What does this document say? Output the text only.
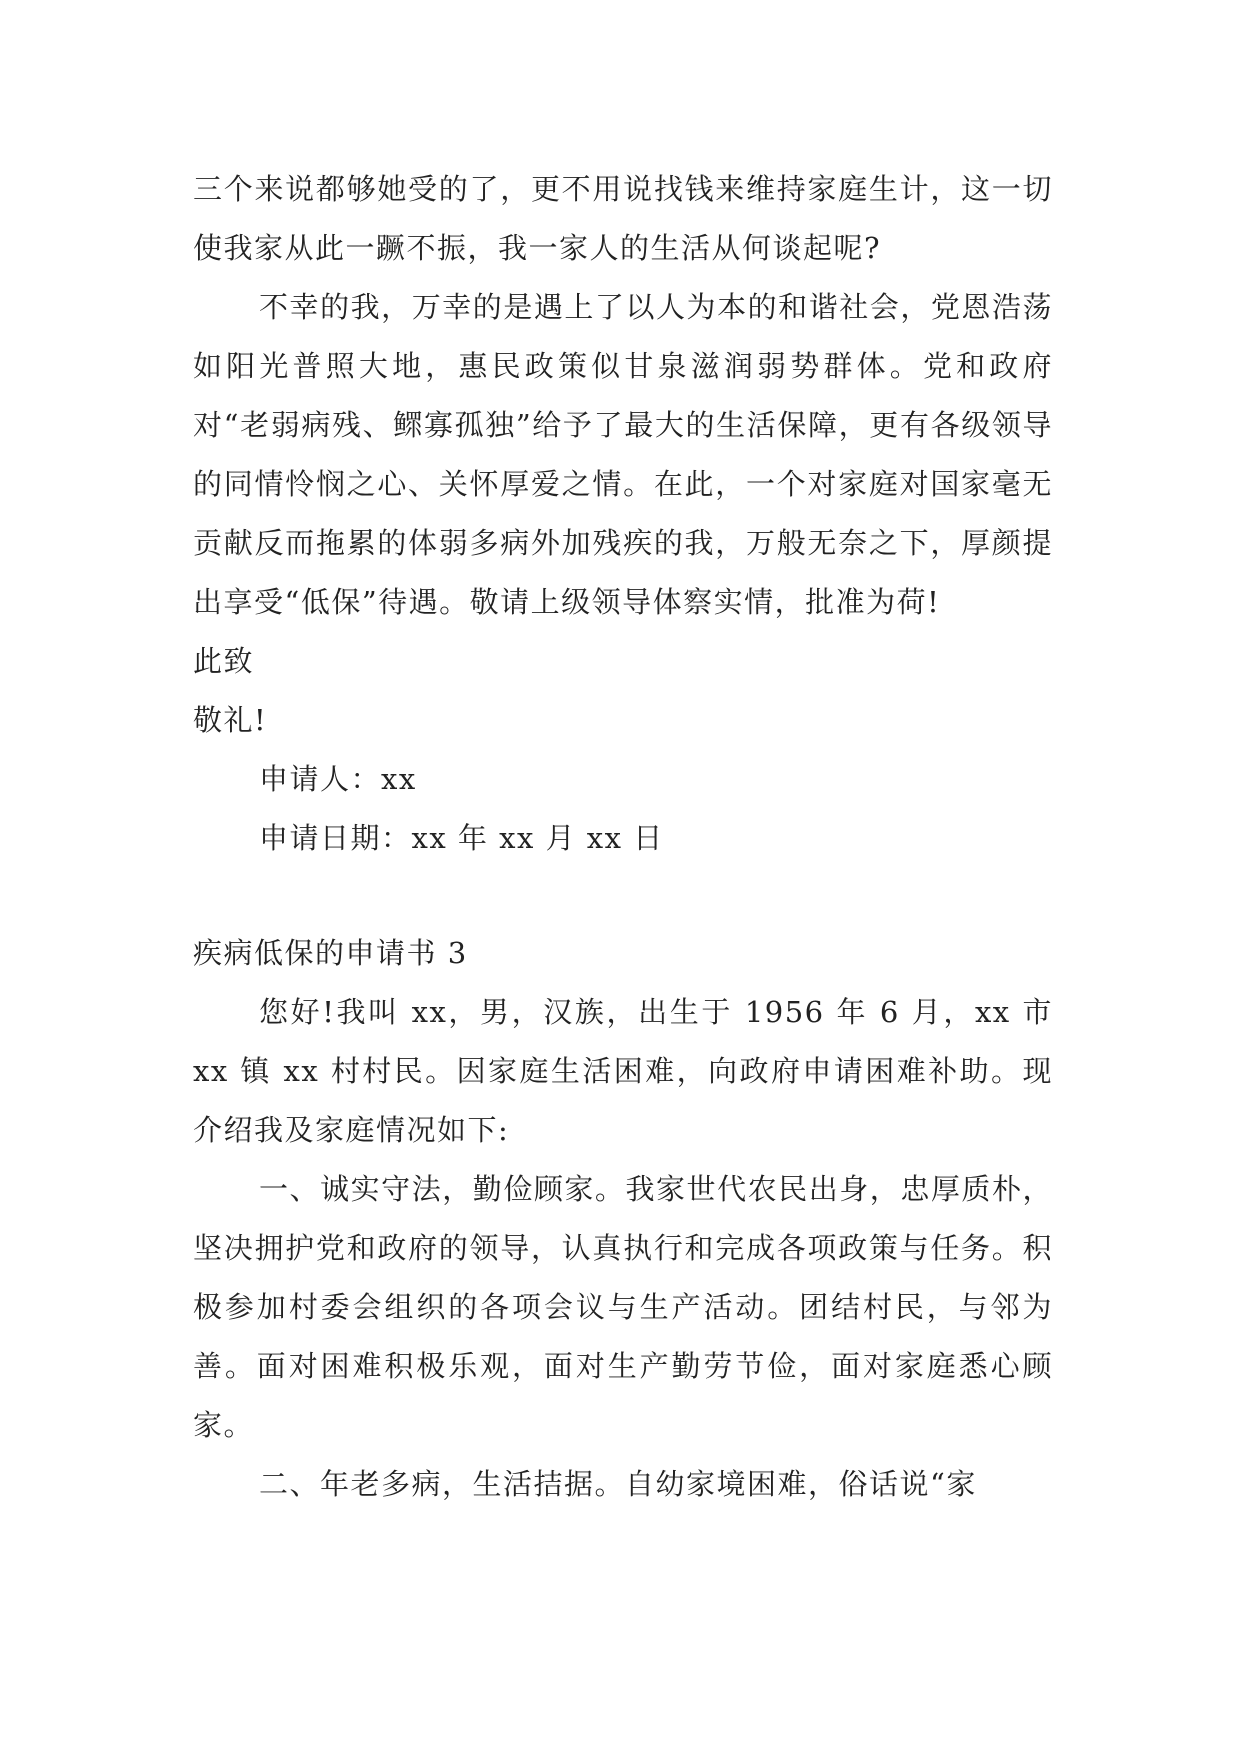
三个来说都够她受的了，更不用说找钱来维持家庭生计，这一切使我家从此一蹶不振，我一家人的生活从何谈起呢?

不幸的我，万幸的是遇上了以人为本的和谐社会，党恩浩荡如阳光普照大地，惠民政策似甘泉滋润弱势群体。党和政府对“老弱病残、鳏寡孤独”给予了最大的生活保障，更有各级领导的同情怜悯之心、关怀厚爱之情。在此，一个对家庭对国家毫无贡献反而拖累的体弱多病外加残疾的我，万般无奈之下，厚颜提出享受“低保”待遇。敬请上级领导体察实情，批准为荷!

此致

敬礼!

申请人：xx

申请日期：xx 年 xx 月 xx 日

疾病低保的申请书 3

您好!我叫 xx，男，汉族，出生于 1956 年 6 月，xx 市 xx 镇 xx 村村民。因家庭生活困难，向政府申请困难补助。现介绍我及家庭情况如下:

一、诚实守法，勤俭顾家。我家世代农民出身，忠厚质朴，坚决拥护党和政府的领导，认真执行和完成各项政策与任务。积极参加村委会组织的各项会议与生产活动。团结村民，与邻为善。面对困难积极乐观，面对生产勤劳节俭，面对家庭悉心顾家。

二、年老多病，生活拮据。自幼家境困难，俗话说“家
